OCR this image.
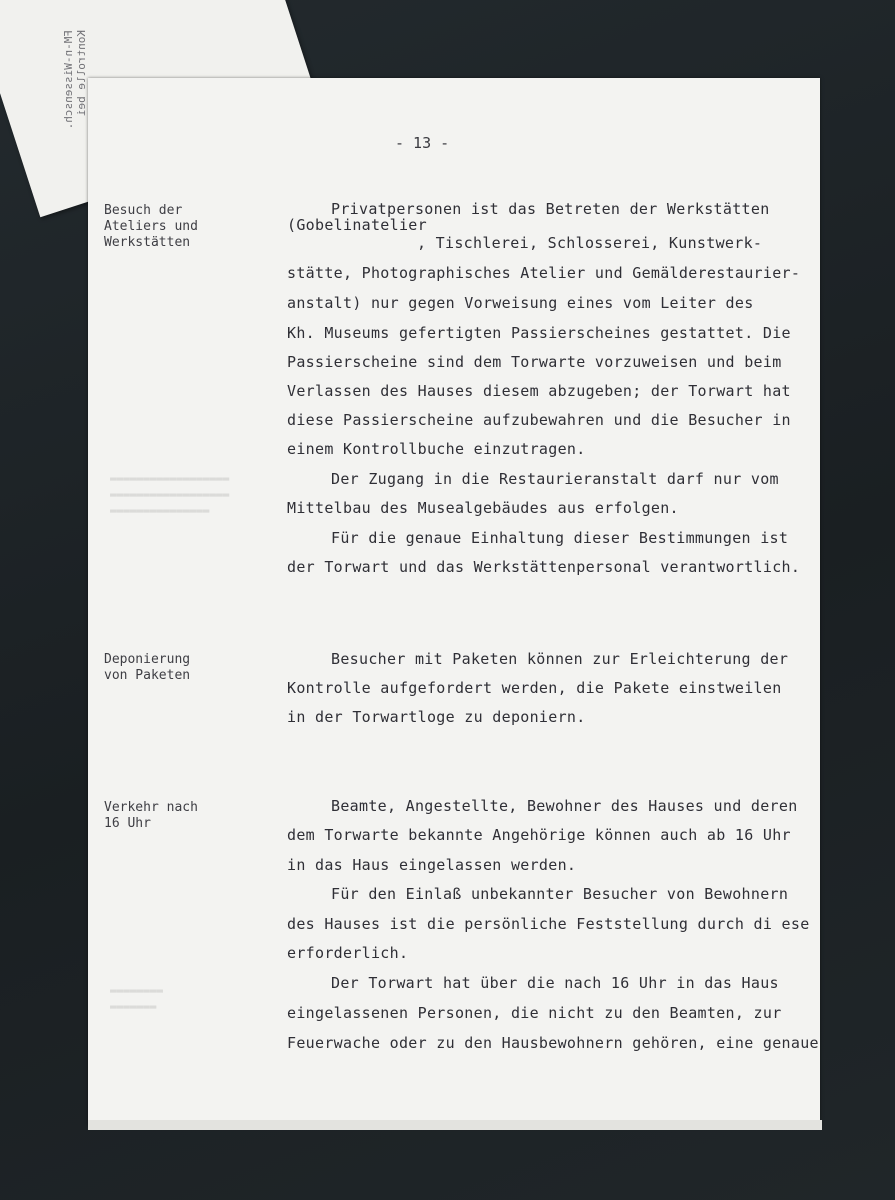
FM-n-Wissensch.
Kontrolle bei
▬▬▬▬▬▬▬▬▬▬▬▬▬▬▬▬▬▬
▬▬▬▬▬▬▬▬▬▬▬▬▬▬▬▬▬▬
▬▬▬▬▬▬▬▬▬▬▬▬▬▬▬
▬▬▬▬▬▬▬▬
▬▬▬▬▬▬▬
- 13 -
Besuch der
Ateliers und
Werkstätten
Privatpersonen ist das Betreten der Werkstätten
(Gobelinatelier
, Tischlerei, Schlosserei, Kunstwerk-
stätte, Photographisches Atelier und Gemälderestaurier-
anstalt) nur gegen Vorweisung eines vom Leiter des
Kh. Museums gefertigten Passierscheines gestattet. Die
Passierscheine sind dem Torwarte vorzuweisen und beim
Verlassen des Hauses diesem abzugeben; der Torwart hat
diese Passierscheine aufzubewahren und die Besucher in
einem Kontrollbuche einzutragen.
Der Zugang in die Restaurieranstalt darf nur vom
Mittelbau des Musealgebäudes aus erfolgen.
Für die genaue Einhaltung dieser Bestimmungen ist
der Torwart und das Werkstättenpersonal verantwortlich.
Deponierung
von Paketen
Besucher mit Paketen können zur Erleichterung der
Kontrolle aufgefordert werden, die Pakete einstweilen
in der Torwartloge zu deponiern.
Verkehr nach
16 Uhr
Beamte, Angestellte, Bewohner des Hauses und deren
dem Torwarte bekannte Angehörige können auch ab 16 Uhr
in das Haus eingelassen werden.
Für den Einlaß unbekannter Besucher von Bewohnern
des Hauses ist die persönliche Feststellung durch di ese
erforderlich.
Der Torwart hat über die nach 16 Uhr in das Haus
eingelassenen Personen, die nicht zu den Beamten, zur
Feuerwache oder zu den Hausbewohnern gehören, eine genaue
